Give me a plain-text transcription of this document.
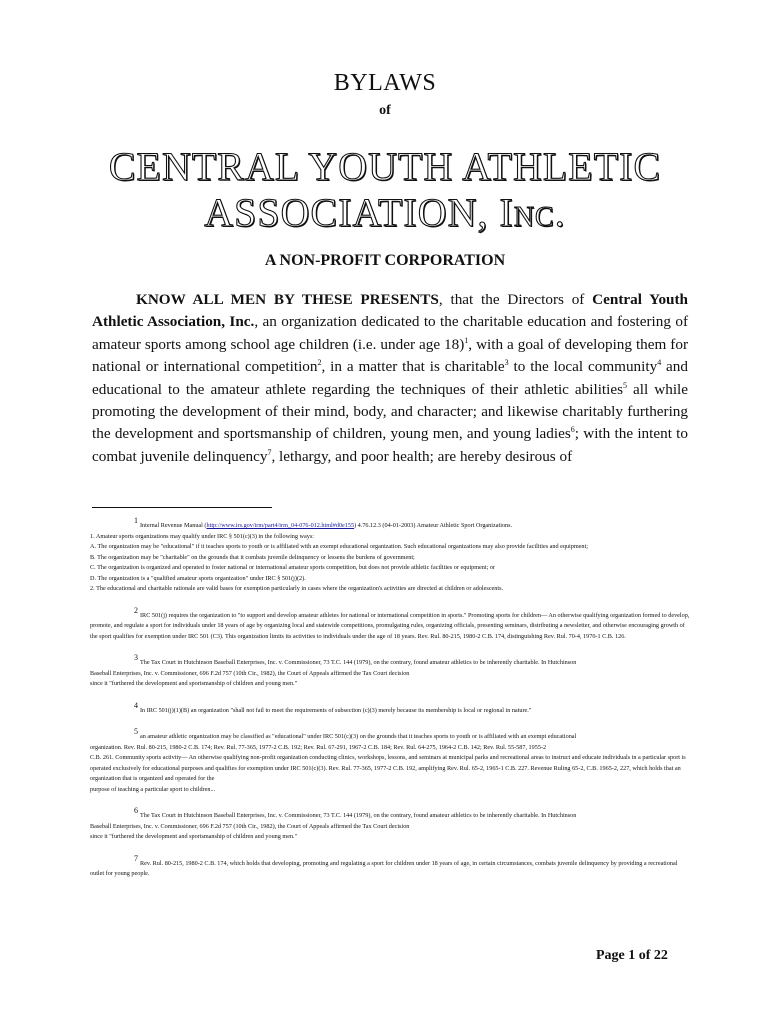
BYLAWS
of
CENTRAL YOUTH ATHLETIC
ASSOCIATION, Inc.
A NON-PROFIT CORPORATION
KNOW ALL MEN BY THESE PRESENTS, that the Directors of Central Youth Athletic Association, Inc., an organization dedicated to the charitable education and fostering of amateur sports among school age children (i.e. under age 18)$^1$, with a goal of developing them for national or international competition$^2$, in a matter that is charitable$^3$ to the local community$^4$ and educational to the amateur athlete regarding the techniques of their athletic abilities$^5$ all while promoting the development of their mind, body, and character; and likewise charitably furthering the development and sportsmanship of children, young men, and young ladies$^6$; with the intent to combat juvenile delinquency$^7$, lethargy, and poor health; are hereby desirous of
1Internal Revenue Manual (http://www.irs.gov/irm/part4/irm_04-076-012.html#d0e155) 4.76.12.3 (04-01-2003) Amateur Athletic Sport Organizations.
1. Amateur sports organizations may qualify under IRC § 501(c)(3) in the following ways:
A. The organization may be "educational" if it teaches sports to youth or is affiliated with an exempt educational organization. Such educational organizations may also provide facilities and equipment;
B. The organization may be "charitable" on the grounds that it combats juvenile delinquency or lessens the burdens of government;
C. The organization is organized and operated to foster national or international amateur sports competition, but does not provide athletic facilities or equipment; or
D. The organization is a "qualified amateur sports organization" under IRC § 501(j)(2).
2. The educational and charitable rationale are valid bases for exemption particularly in cases where the organization's activities are directed at children or adolescents.
2IRC 501(j) requires the organization to "to support and develop amateur athletes for national or international competition in sports." Promoting sports for children— An otherwise qualifying organization formed to develop, promote, and regulate a sport for individuals under 18 years of age by organizing local and statewide competitions, promulgating rules, organizing officials, presenting seminars, distributing a newsletter, and otherwise encouraging growth of the sport qualifies for exemption under IRC 501 (C3). This organization limits its activities to individuals under the age of 18 years. Rev. Rul. 80-215, 1980-2 C.B. 174, distinguishing Rev. Rul. 70-4, 1970-1 C.B. 126.
3The Tax Court in Hutchinson Baseball Enterprises, Inc. v. Commissioner, 73 T.C. 144 (1979), on the contrary, found amateur athletics to be inherently charitable. In Hutchinson
Baseball Enterprises, Inc. v. Commissioner, 696 F.2d 757 (10th Cir., 1982), the Court of Appeals affirmed the Tax Court decision
since it "furthered the development and sportsmanship of children and young men."
4In IRC 501(j)(1)(B) an organization "shall not fail to meet the requirements of subsection (c)(3) merely because its membership is local or regional in nature."
5an amateur athletic organization may be classified as "educational" under IRC 501(c)(3) on the grounds that it teaches sports to youth or is affiliated with an exempt educational
organization. Rev. Rul. 80-215, 1980-2 C.B. 174; Rev. Rul. 77-365, 1977-2 C.B. 192; Rev. Rul. 67-291, 1967-2 C.B. 184; Rev. Rul. 64-275, 1964-2 C.B. 142; Rev. Rul. 55-587, 1955-2
C.B. 261. Community sports activity— An otherwise qualifying non-profit organization conducting clinics, workshops, lessons, and seminars at municipal parks and recreational areas to instruct and educate individuals in a particular sport is operated exclusively for educational purposes and qualifies for exemption under IRC 501(c)(3). Rev. Rul. 77-365, 1977-2 C.B. 192, amplifying Rev. Rul. 65-2, 1965-1 C.B. 227. Revenue Ruling 65-2, C.B. 1965-2, 227, which holds that an organization that is organized and operated for the
purpose of teaching a particular sport to children...
6The Tax Court in Hutchinson Baseball Enterprises, Inc. v. Commissioner, 73 T.C. 144 (1979), on the contrary, found amateur athletics to be inherently charitable. In Hutchinson
Baseball Enterprises, Inc. v. Commissioner, 696 F.2d 757 (10th Cir., 1982), the Court of Appeals affirmed the Tax Court decision
since it "furthered the development and sportsmanship of children and young men."
7Rev. Rul. 80-215, 1980-2 C.B. 174, which holds that developing, promoting and regulating a sport for children under 18 years of age, in certain circumstances, combats juvenile delinquency by providing a recreational outlet for young people.
Page 1 of 22
